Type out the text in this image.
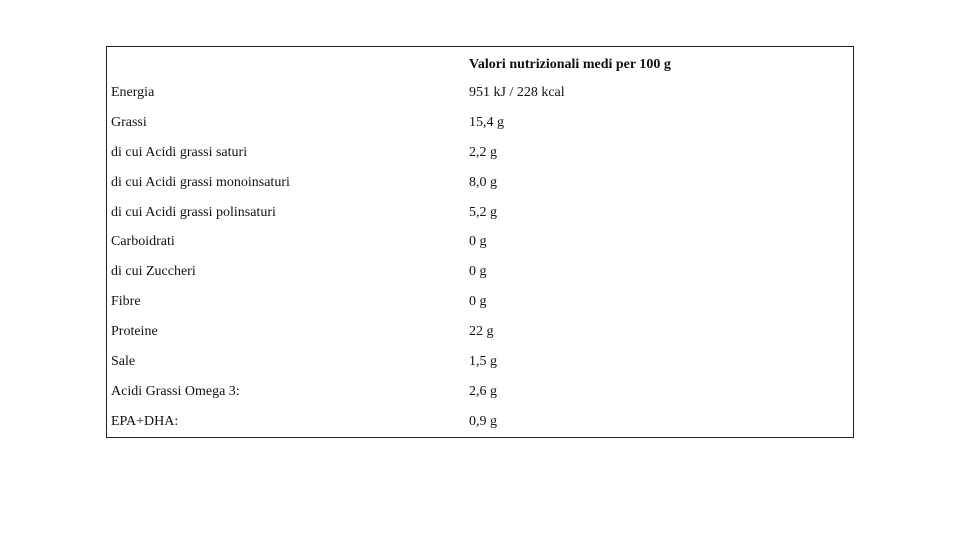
Valori nutrizionali medi per 100 g
Energia	951 kJ / 228 kcal
Grassi	15,4 g
di cui Acidi grassi saturi	2,2 g
di cui Acidi grassi monoinsaturi	8,0 g
di cui Acidi grassi polinsaturi	5,2 g
Carboidrati	0 g
di cui Zuccheri	0 g
Fibre	0 g
Proteine	22 g
Sale	1,5 g
Acidi Grassi Omega 3:	2,6 g
EPA+DHA:	0,9 g
